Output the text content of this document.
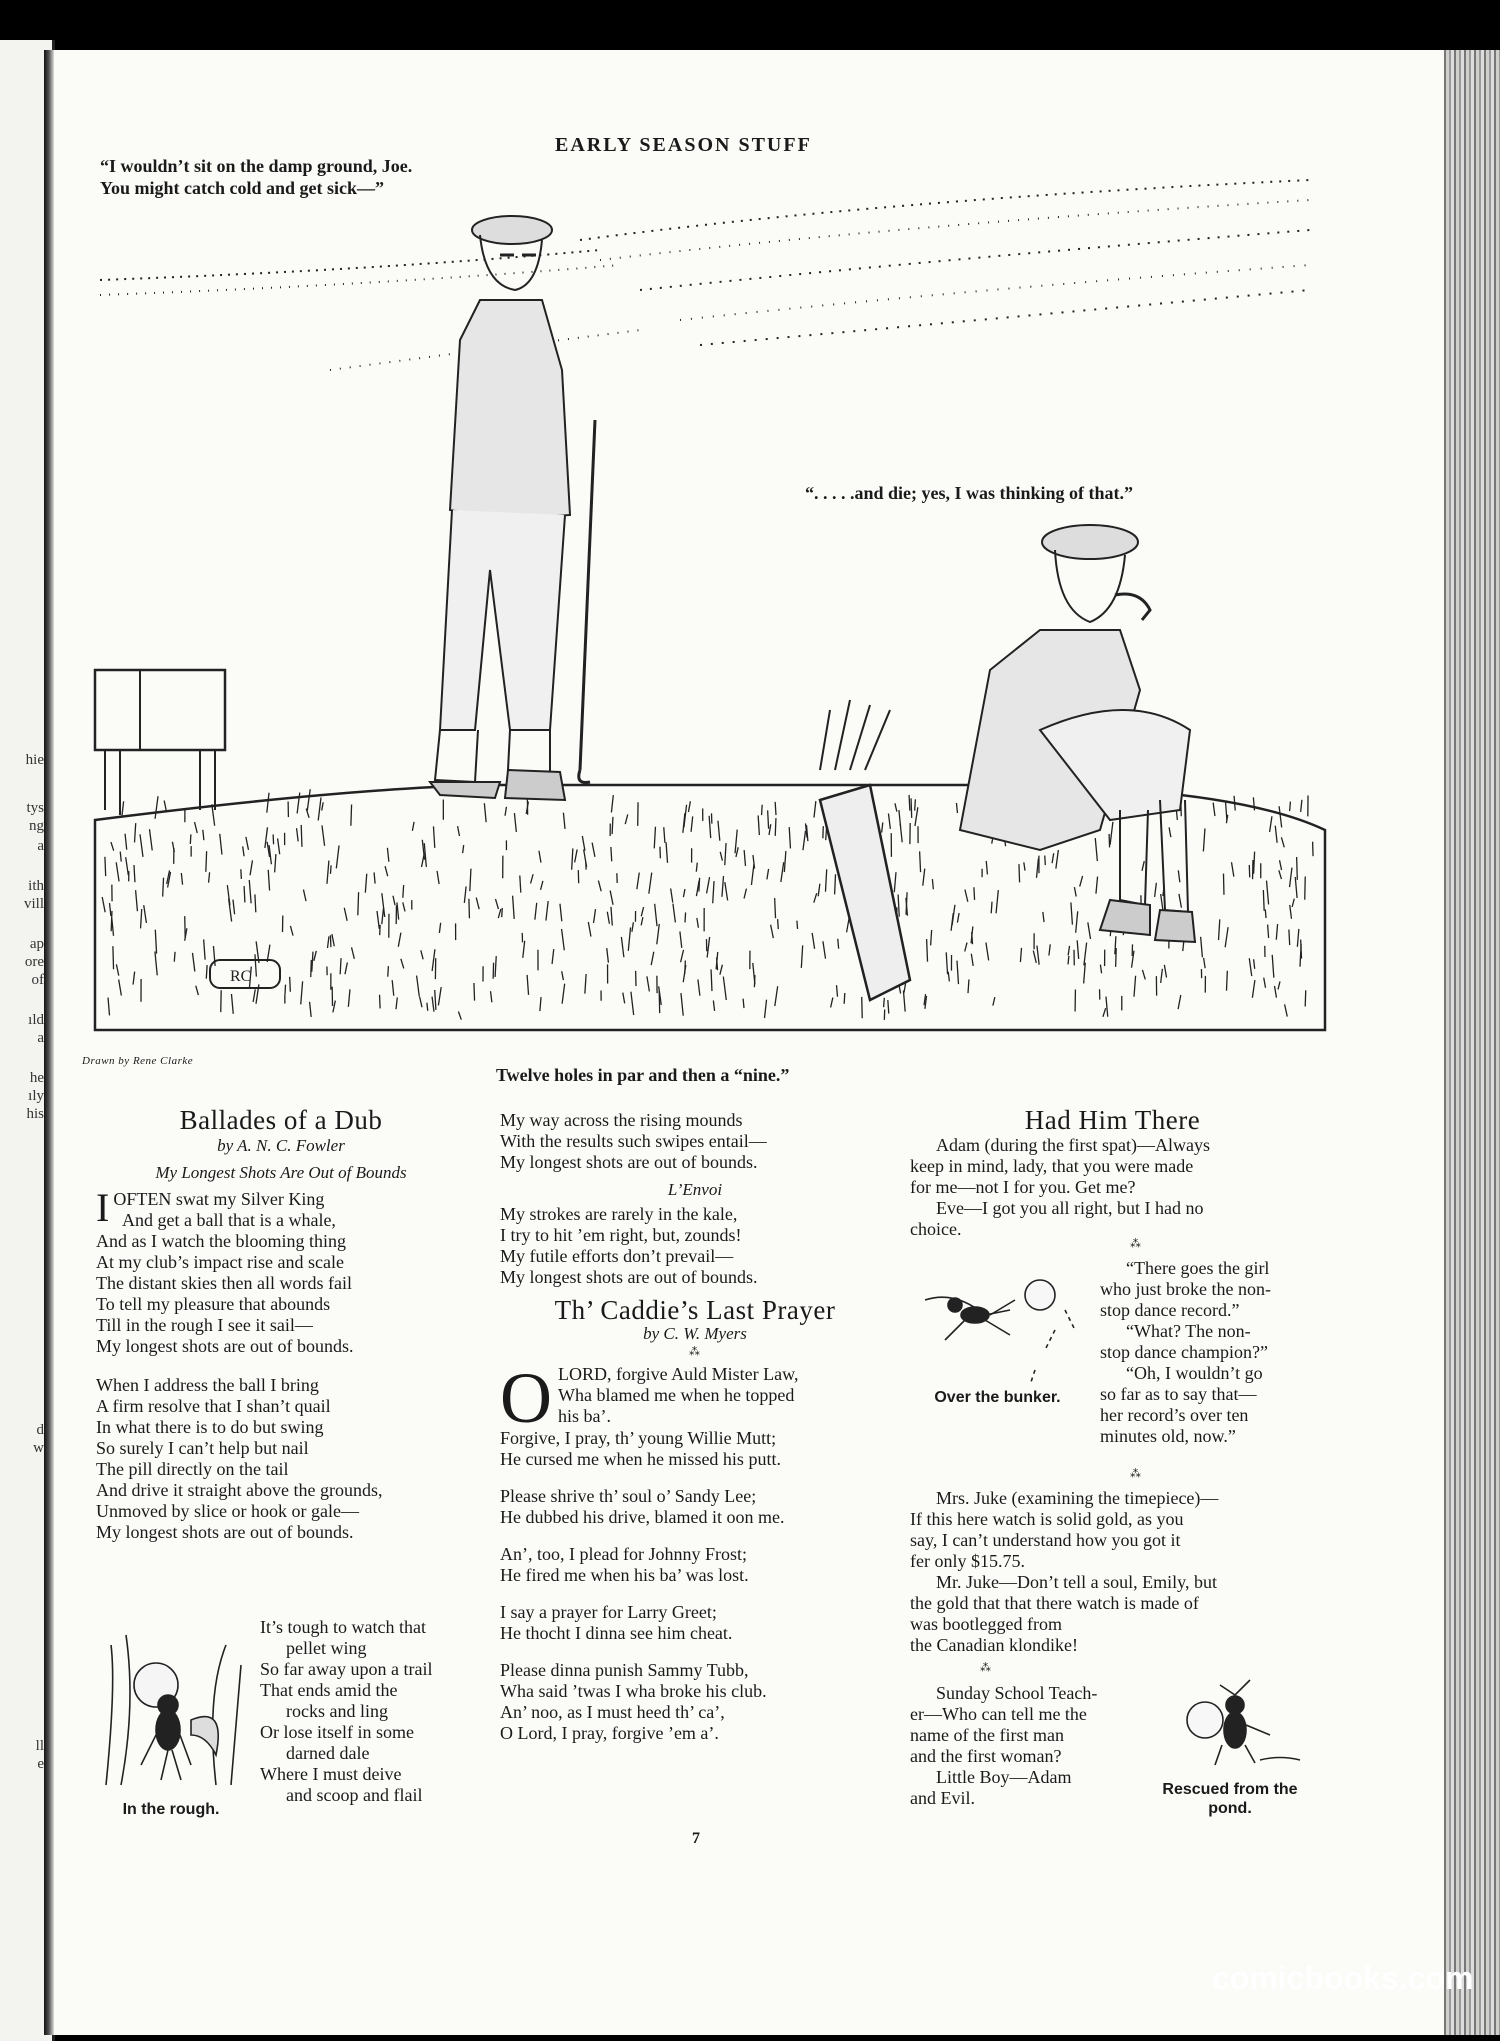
hie
tys
ng
a
ith
vill
ap
ore
of
ıld
a
he
ıly
his
d
w
ll
e
EARLY SEASON STUFF
“I wouldn’t sit on the damp ground, Joe.
You might catch cold and get sick—”
“. . . . .and die; yes, I was thinking of that.”
RC
Drawn by Rene Clarke
Twelve holes in par and then a “nine.”
Ballades of a Dub
by A. N. C. Fowler
My Longest Shots Are Out of Bounds
I OFTEN swat my Silver King
And get a ball that is a whale,
And as I watch the blooming thing
At my club’s impact rise and scale
The distant skies then all words fail
To tell my pleasure that abounds
Till in the rough I see it sail—
My longest shots are out of bounds.
When I address the ball I bring
A firm resolve that I shan’t quail
In what there is to do but swing
So surely I can’t help but nail
The pill directly on the tail
And drive it straight above the grounds,
Unmoved by slice or hook or gale—
My longest shots are out of bounds.
In the rough.
It’s tough to watch that
pellet wing
So far away upon a trail
That ends amid the
rocks and ling
Or lose itself in some
darned dale
Where I must deive
and scoop and flail
My way across the rising mounds
With the results such swipes entail—
My longest shots are out of bounds.
L’Envoi
My strokes are rarely in the kale,
I try to hit ’em right, but, zounds!
My futile efforts don’t prevail—
My longest shots are out of bounds.
Th’ Caddie’s Last Prayer
by C. W. Myers
⁂
O LORD, forgive Auld Mister Law,
Wha blamed me when he topped
his ba’.
Forgive, I pray, th’ young Willie Mutt;
He cursed me when he missed his putt.
Please shrive th’ soul o’ Sandy Lee;
He dubbed his drive, blamed it oon me.
An’, too, I plead for Johnny Frost;
He fired me when his ba’ was lost.
I say a prayer for Larry Greet;
He thocht I dinna see him cheat.
Please dinna punish Sammy Tubb,
Wha said ’twas I wha broke his club.
An’ noo, as I must heed th’ ca’,
O Lord, I pray, forgive ’em a’.
Had Him There
Adam (during the first spat)—Always
keep in mind, lady, that you were made
for me—not I for you. Get me?
Eve—I got you all right, but I had no
choice.
⁂
Over the bunker.
“There goes the girl
who just broke the non-
stop dance record.”
“What? The non-
stop dance champion?”
“Oh, I wouldn’t go
so far as to say that—
her record’s over ten
minutes old, now.”
⁂
Mrs. Juke (examining the timepiece)—
If this here watch is solid gold, as you
say, I can’t understand how you got it
fer only $15.75.
Mr. Juke—Don’t tell a soul, Emily, but
the gold that that there watch is made of
was bootlegged from
the Canadian klondike!
⁂
Sunday School Teach-
er—Who can tell me the
name of the first man
and the first woman?
Little Boy—Adam
and Evil.	Rescued from the pond.
7
comicbooks.com
